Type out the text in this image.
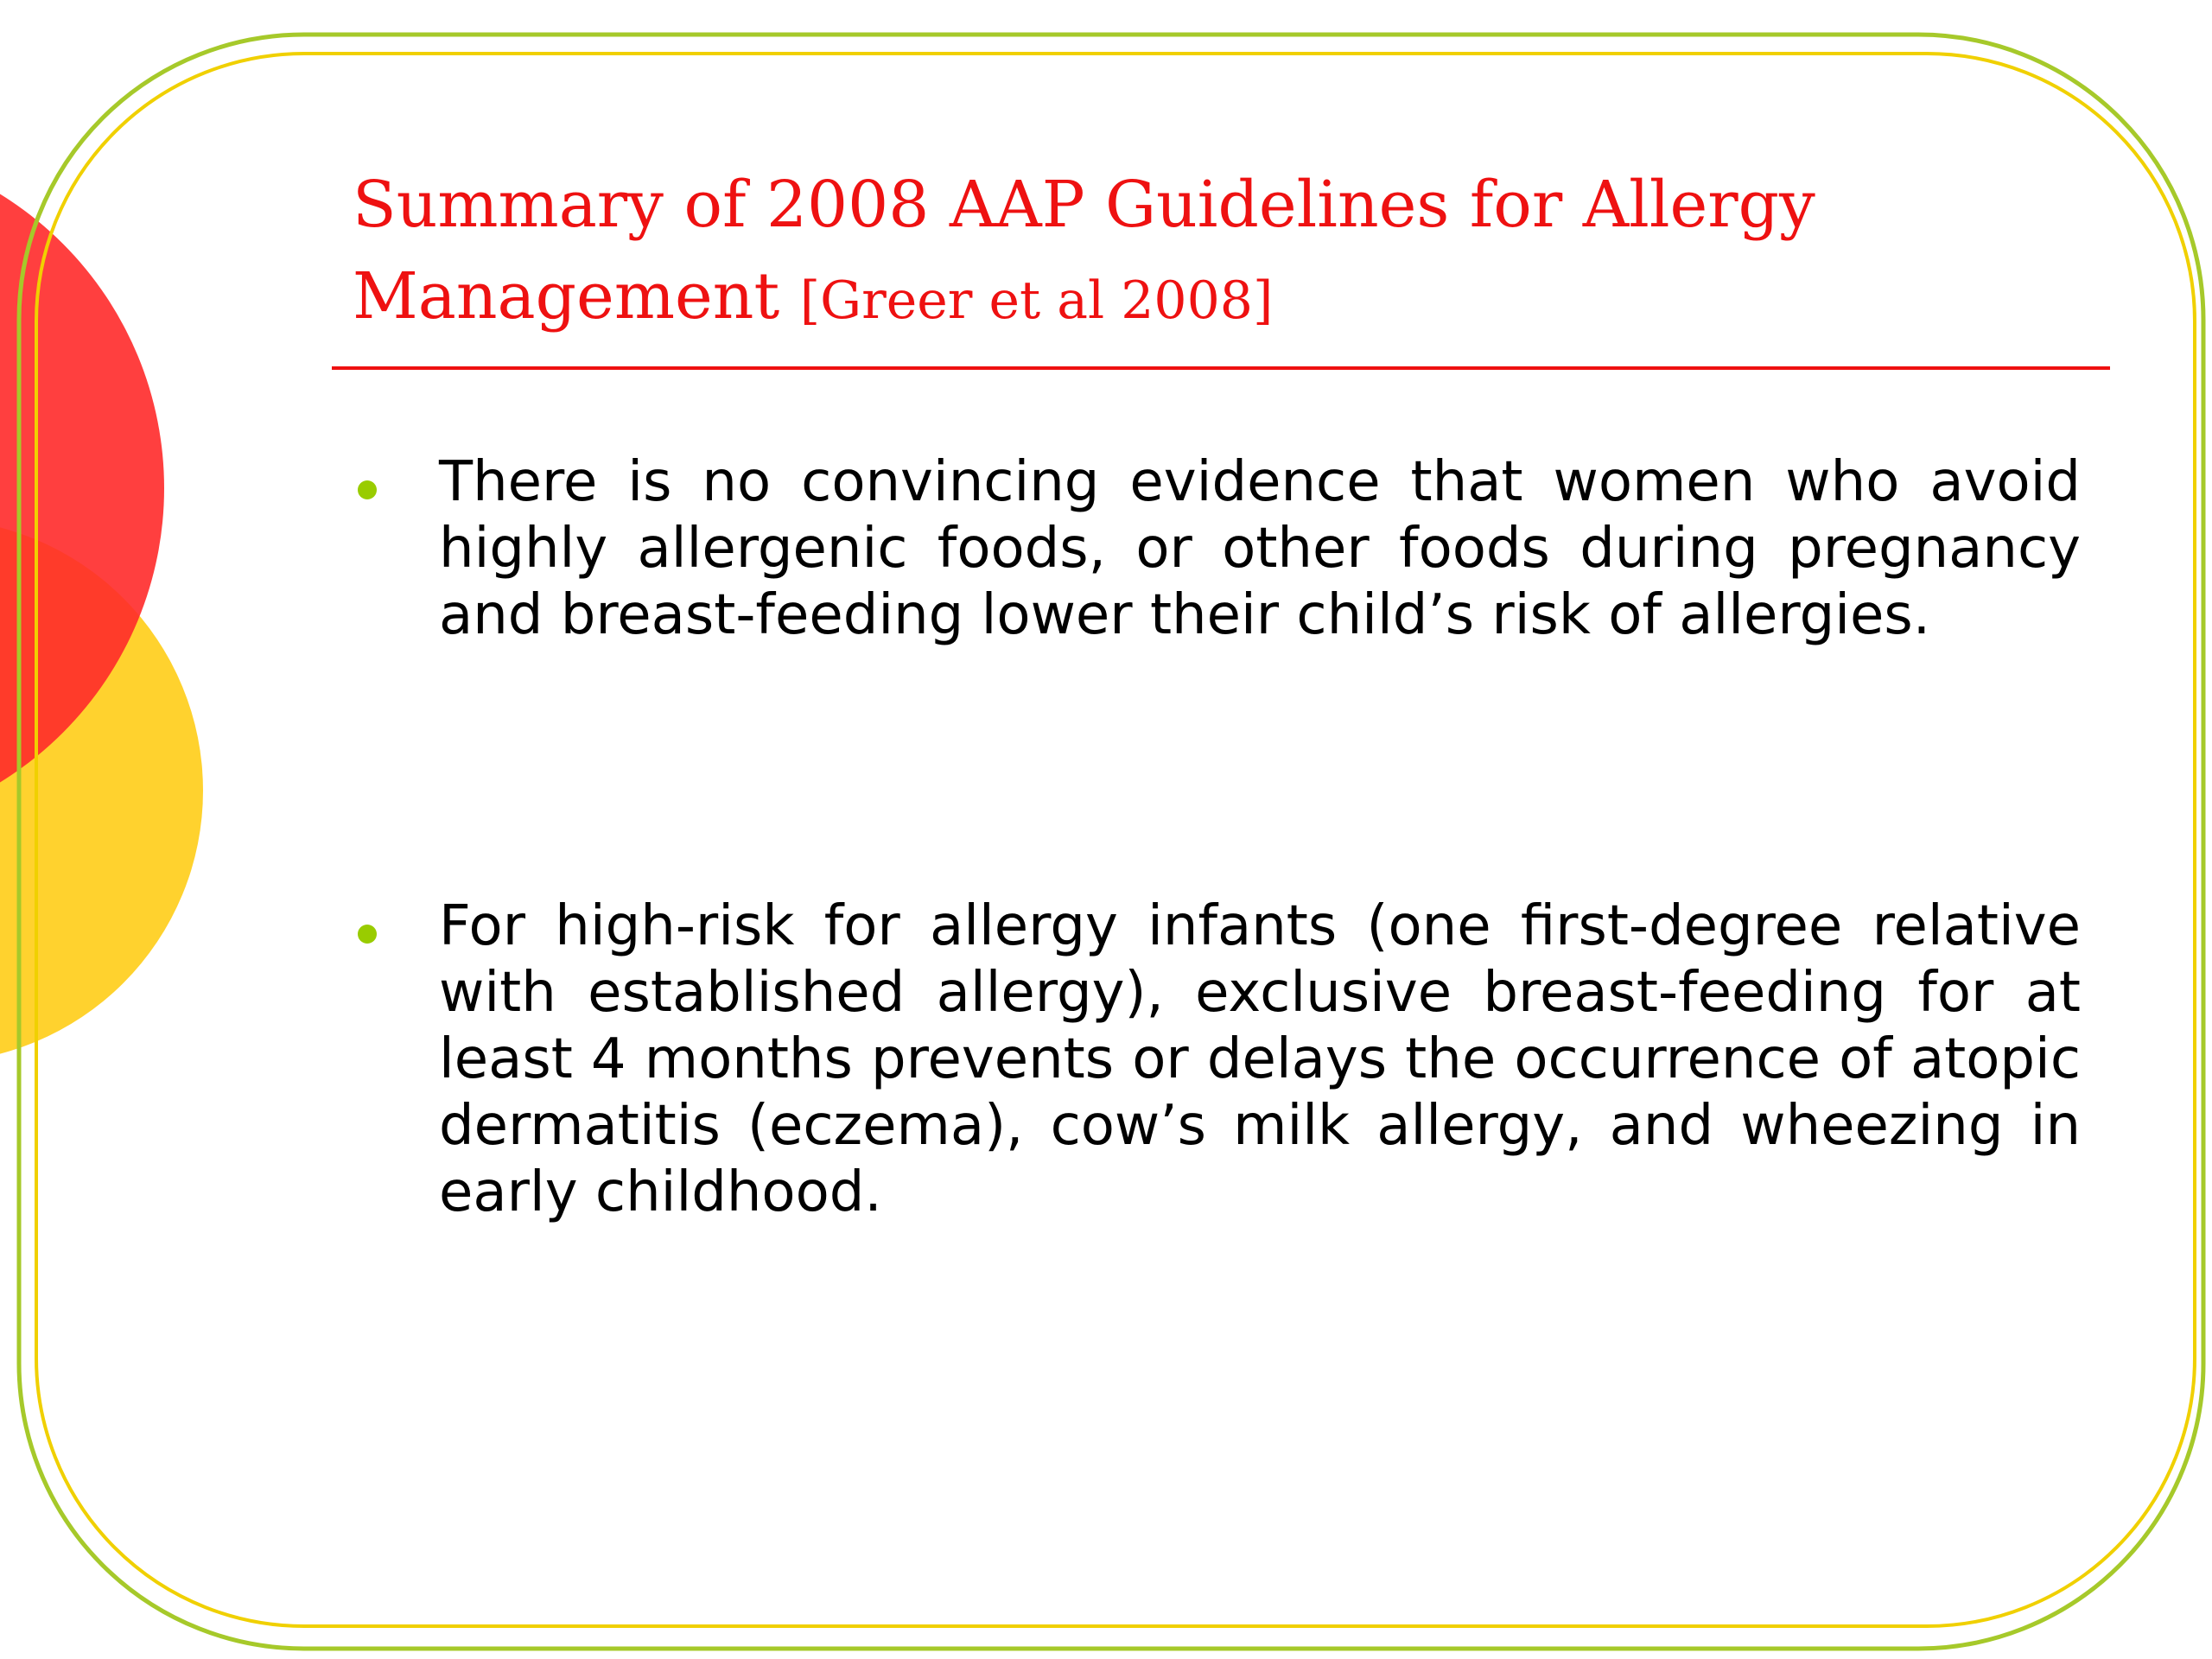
Summary of 2008 AAP Guidelines for Allergy Management [Greer et al 2008]

There is no convincing evidence that women who avoid highly allergenic foods, or other foods during pregnancy and breast-feeding lower their child’s risk of allergies.

For high-risk for allergy infants (one first-degree relative with established allergy), exclusive breast-feeding for at least 4 months prevents or delays the occurrence of atopic dermatitis (eczema), cow’s milk allergy, and wheezing in early childhood.
